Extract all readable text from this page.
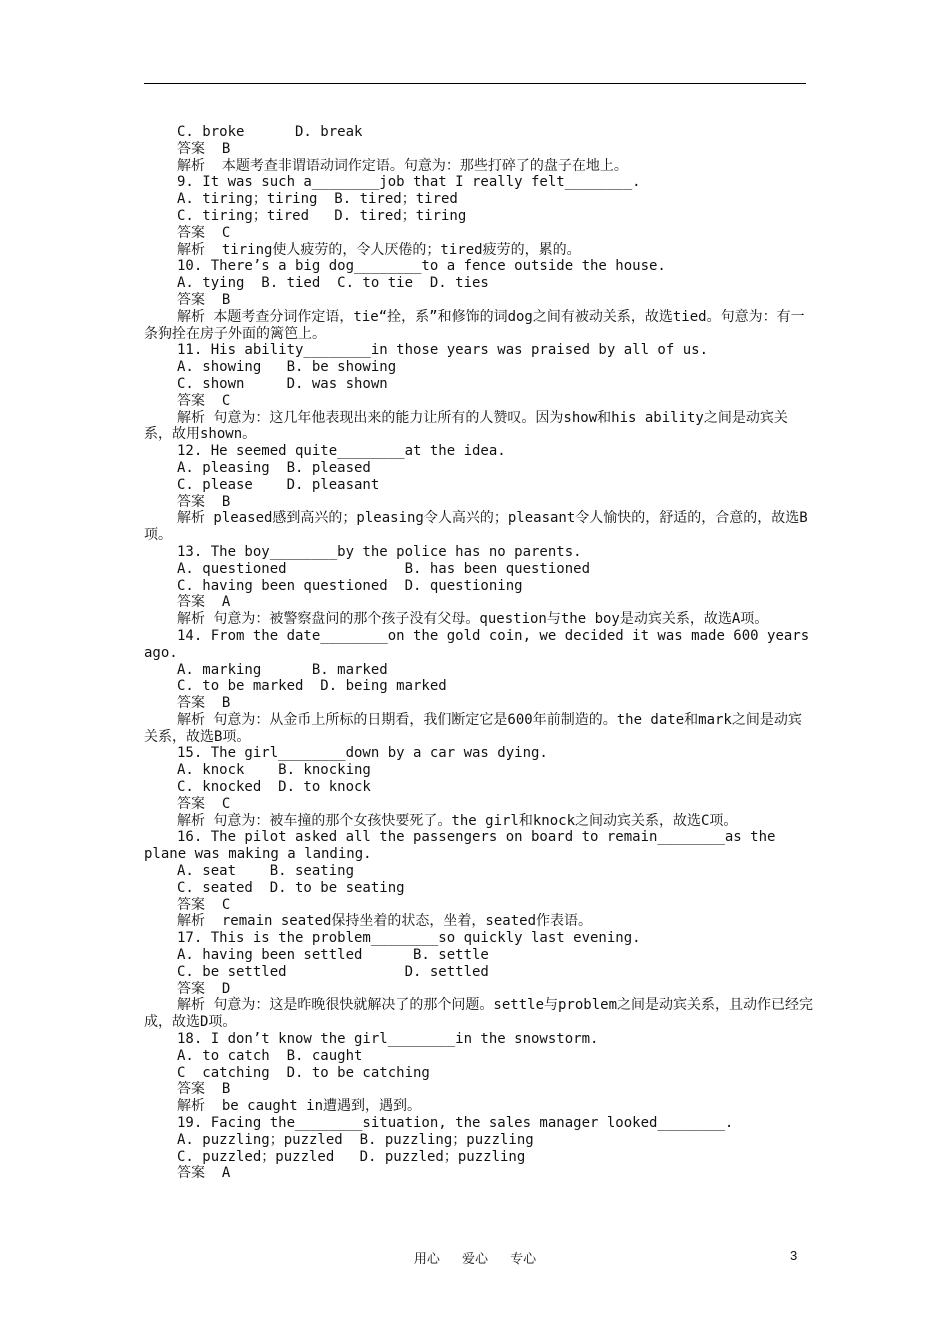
C. broke      D. break
答案  B
解析  本题考查非谓语动词作定语。句意为：那些打碎了的盘子在地上。
9. It was such a________job that I really felt________.
A. tiring；tiring  B. tired；tired
C. tiring；tired   D. tired；tiring
答案  C
解析  tiring使人疲劳的，令人厌倦的；tired疲劳的，累的。
10. There’s a big dog________to a fence outside the house.
A. tying  B. tied  C. to tie  D. ties
答案  B
解析 本题考查分词作定语，tie“拴，系”和修饰的词dog之间有被动关系，故选tied。句意为：有一条狗拴在房子外面的篱笆上。
11. His ability________in those years was praised by all of us.
A. showing   B. be showing
C. shown     D. was shown
答案  C
解析 句意为：这几年他表现出来的能力让所有的人赞叹。因为show和his ability之间是动宾关系，故用shown。
12. He seemed quite________at the idea.
A. pleasing  B. pleased
C. please    D. pleasant
答案  B
解析 pleased感到高兴的；pleasing令人高兴的；pleasant令人愉快的，舒适的，合意的，故选B项。
13. The boy________by the police has no parents.
A. questioned              B. has been questioned
C. having been questioned  D. questioning
答案  A
解析 句意为：被警察盘问的那个孩子没有父母。question与the boy是动宾关系，故选A项。
14. From the date________on the gold coin, we decided it was made 600 years ago.
A. marking      B. marked
C. to be marked  D. being marked
答案  B
解析 句意为：从金币上所标的日期看，我们断定它是600年前制造的。the date和mark之间是动宾关系，故选B项。
15. The girl________down by a car was dying.
A. knock    B. knocking
C. knocked  D. to knock
答案  C
解析 句意为：被车撞的那个女孩快要死了。the girl和knock之间动宾关系，故选C项。
16. The pilot asked all the passengers on board to remain________as the plane was making a landing.
A. seat    B. seating
C. seated  D. to be seating
答案  C
解析  remain seated保持坐着的状态，坐着，seated作表语。
17. This is the problem________so quickly last evening.
A. having been settled      B. settle
C. be settled              D. settled
答案  D
解析 句意为：这是昨晚很快就解决了的那个问题。settle与problem之间是动宾关系，且动作已经完成，故选D项。
18. I don’t know the girl________in the snowstorm.
A. to catch  B. caught
C  catching  D. to be catching
答案  B
解析  be caught in遭遇到，遇到。
19. Facing the________situation, the sales manager looked________.
A. puzzling；puzzled  B. puzzling；puzzling
C. puzzled；puzzled   D. puzzled；puzzling
答案  A
用心 爱心 专心	3
